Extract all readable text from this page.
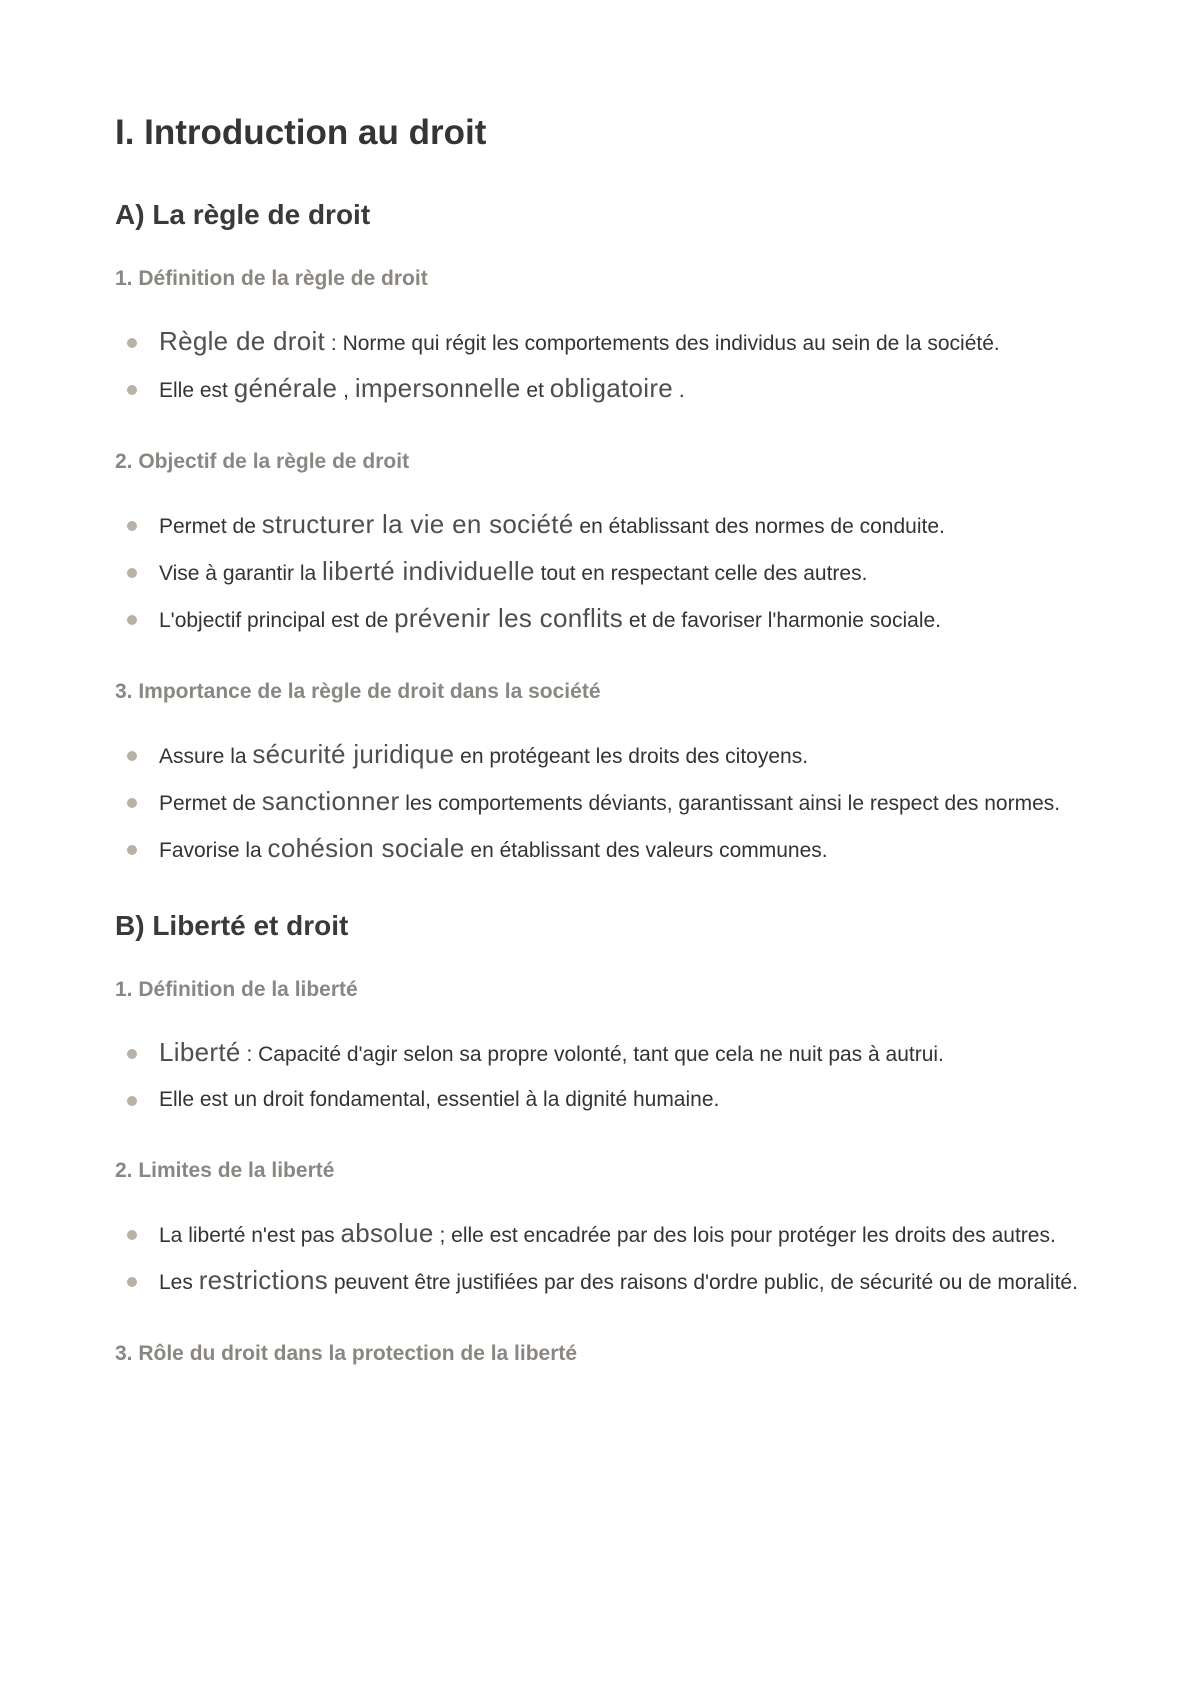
I. Introduction au droit
A) La règle de droit
1. Définition de la règle de droit
Règle de droit : Norme qui régit les comportements des individus au sein de la société.
Elle est générale , impersonnelle et obligatoire .
2. Objectif de la règle de droit
Permet de structurer la vie en société en établissant des normes de conduite.
Vise à garantir la liberté individuelle tout en respectant celle des autres.
L'objectif principal est de prévenir les conflits et de favoriser l'harmonie sociale.
3. Importance de la règle de droit dans la société
Assure la sécurité juridique en protégeant les droits des citoyens.
Permet de sanctionner les comportements déviants, garantissant ainsi le respect des normes.
Favorise la cohésion sociale en établissant des valeurs communes.
B) Liberté et droit
1. Définition de la liberté
Liberté : Capacité d'agir selon sa propre volonté, tant que cela ne nuit pas à autrui.
Elle est un droit fondamental, essentiel à la dignité humaine.
2. Limites de la liberté
La liberté n'est pas absolue ; elle est encadrée par des lois pour protéger les droits des autres.
Les restrictions peuvent être justifiées par des raisons d'ordre public, de sécurité ou de moralité.
3. Rôle du droit dans la protection de la liberté
